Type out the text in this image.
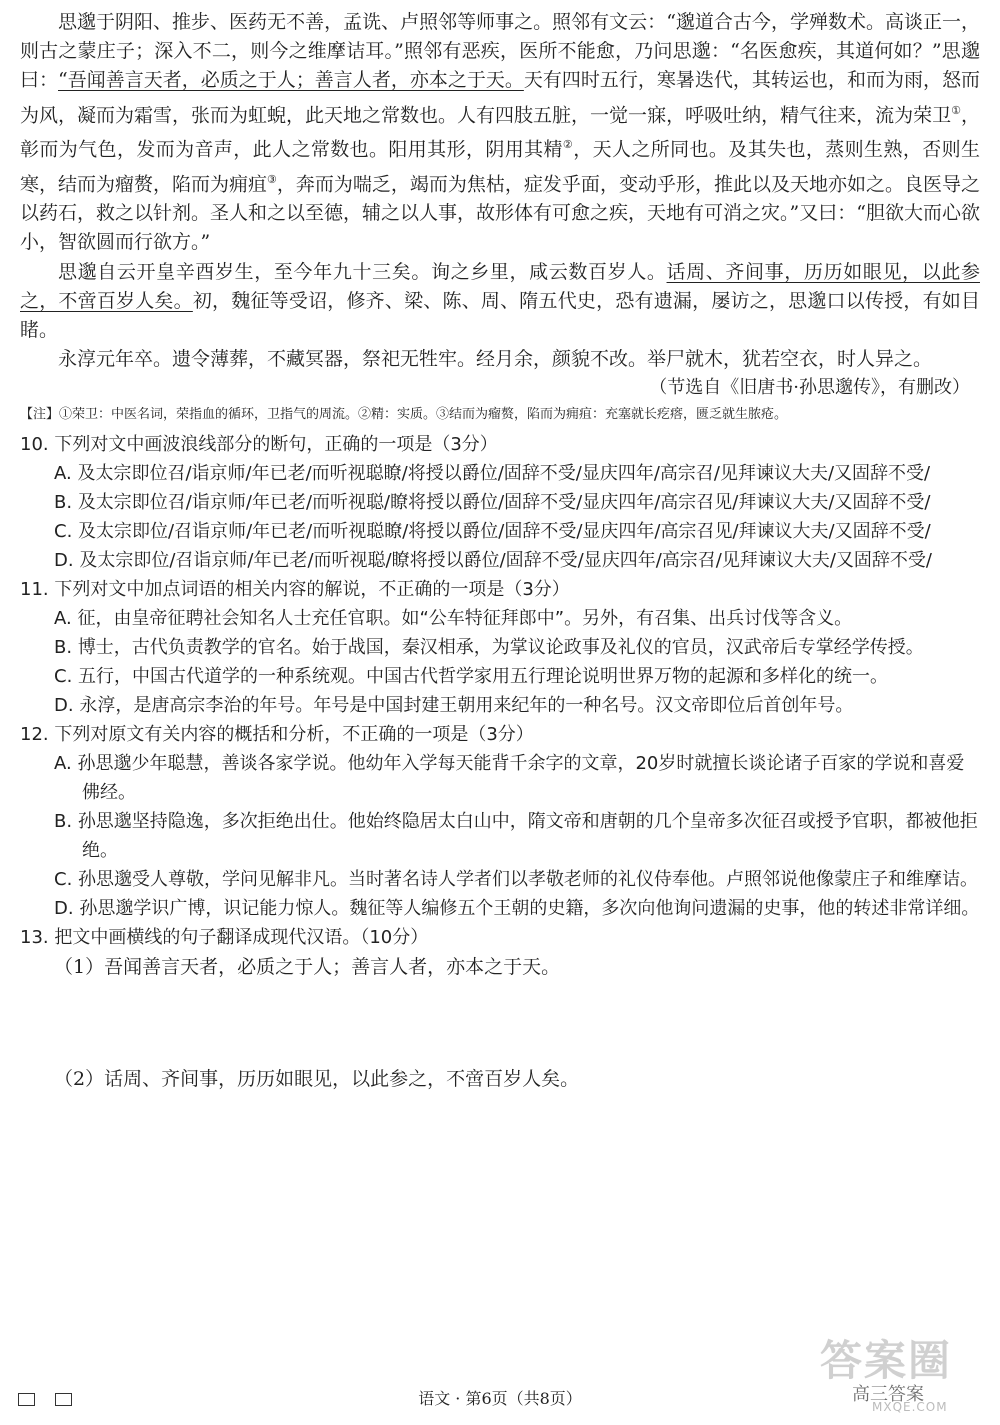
思邈于阴阳、推步、医药无不善，孟诜、卢照邻等师事之。照邻有文云：“邈道合古今，学殚数术。高谈正一，则古之蒙庄子；深入不二，则今之维摩诘耳。”照邻有恶疾，医所不能愈，乃问思邈：“名医愈疾，其道何如？”思邈曰：“吾闻善言天者，必质之于人；善言人者，亦本之于天。天有四时五行，寒暑迭代，其转运也，和而为雨，怒而为风，凝而为霜雪，张而为虹蜺，此天地之常数也。人有四肢五脏，一觉一寐，呼吸吐纳，精气往来，流为荣卫①，彰而为气色，发而为音声，此人之常数也。阳用其形，阴用其精②，天人之所同也。及其失也，蒸则生熟，否则生寒，结而为瘤赘，陷而为痈疽③，奔而为喘乏，竭而为焦枯，症发乎面，变动乎形，推此以及天地亦如之。良医导之以药石，救之以针剂。圣人和之以至德，辅之以人事，故形体有可愈之疾，天地有可消之灾。”又曰：“胆欲大而心欲小，智欲圆而行欲方。”

思邈自云开皇辛酉岁生，至今年九十三矣。询之乡里，咸云数百岁人。话周、齐间事，历历如眼见，以此参之，不啻百岁人矣。初，魏征等受诏，修齐、梁、陈、周、隋五代史，恐有遗漏，屡访之，思邈口以传授，有如目睹。

永淳元年卒。遗令薄葬，不藏冥器，祭祀无牲牢。经月余，颜貌不改。举尸就木，犹若空衣，时人异之。

（节选自《旧唐书·孙思邈传》，有删改）

【注】①荣卫：中医名词，荣指血的循环，卫指气的周流。②精：实质。③结而为瘤赘，陷而为痈疽：充塞就长疙瘩，匮乏就生脓疮。

10. 下列对文中画波浪线部分的断句，正确的一项是（3分）

A. 及太宗即位召/诣京师/年已老/而听视聪瞭/将授以爵位/固辞不受/显庆四年/高宗召/见拜谏议大夫/又固辞不受/

B. 及太宗即位召/诣京师/年已老/而听视聪/瞭将授以爵位/固辞不受/显庆四年/高宗召见/拜谏议大夫/又固辞不受/

C. 及太宗即位/召诣京师/年已老/而听视聪瞭/将授以爵位/固辞不受/显庆四年/高宗召见/拜谏议大夫/又固辞不受/

D. 及太宗即位/召诣京师/年已老/而听视聪/瞭将授以爵位/固辞不受/显庆四年/高宗召/见拜谏议大夫/又固辞不受/

11. 下列对文中加点词语的相关内容的解说，不正确的一项是（3分）

A. 征，由皇帝征聘社会知名人士充任官职。如“公车特征拜郎中”。另外，有召集、出兵讨伐等含义。

B. 博士，古代负责教学的官名。始于战国，秦汉相承，为掌议论政事及礼仪的官员，汉武帝后专掌经学传授。

C. 五行，中国古代道学的一种系统观。中国古代哲学家用五行理论说明世界万物的起源和多样化的统一。

D. 永淳，是唐高宗李治的年号。年号是中国封建王朝用来纪年的一种名号。汉文帝即位后首创年号。

12. 下列对原文有关内容的概括和分析，不正确的一项是（3分）

A. 孙思邈少年聪慧，善谈各家学说。他幼年入学每天能背千余字的文章，20岁时就擅长谈论诸子百家的学说和喜爱佛经。

B. 孙思邈坚持隐逸，多次拒绝出仕。他始终隐居太白山中，隋文帝和唐朝的几个皇帝多次征召或授予官职，都被他拒绝。

C. 孙思邈受人尊敬，学问见解非凡。当时著名诗人学者们以孝敬老师的礼仪侍奉他。卢照邻说他像蒙庄子和维摩诘。

D. 孙思邈学识广博，识记能力惊人。魏征等人编修五个王朝的史籍，多次向他询问遗漏的史事，他的转述非常详细。

13. 把文中画横线的句子翻译成现代汉语。（10分）

（1）吾闻善言天者，必质之于人；善言人者，亦本之于天。

（2）话周、齐间事，历历如眼见，以此参之，不啻百岁人矣。

语文 · 第6页（共8页）
答案圈
高三答案
MXQE.COM
